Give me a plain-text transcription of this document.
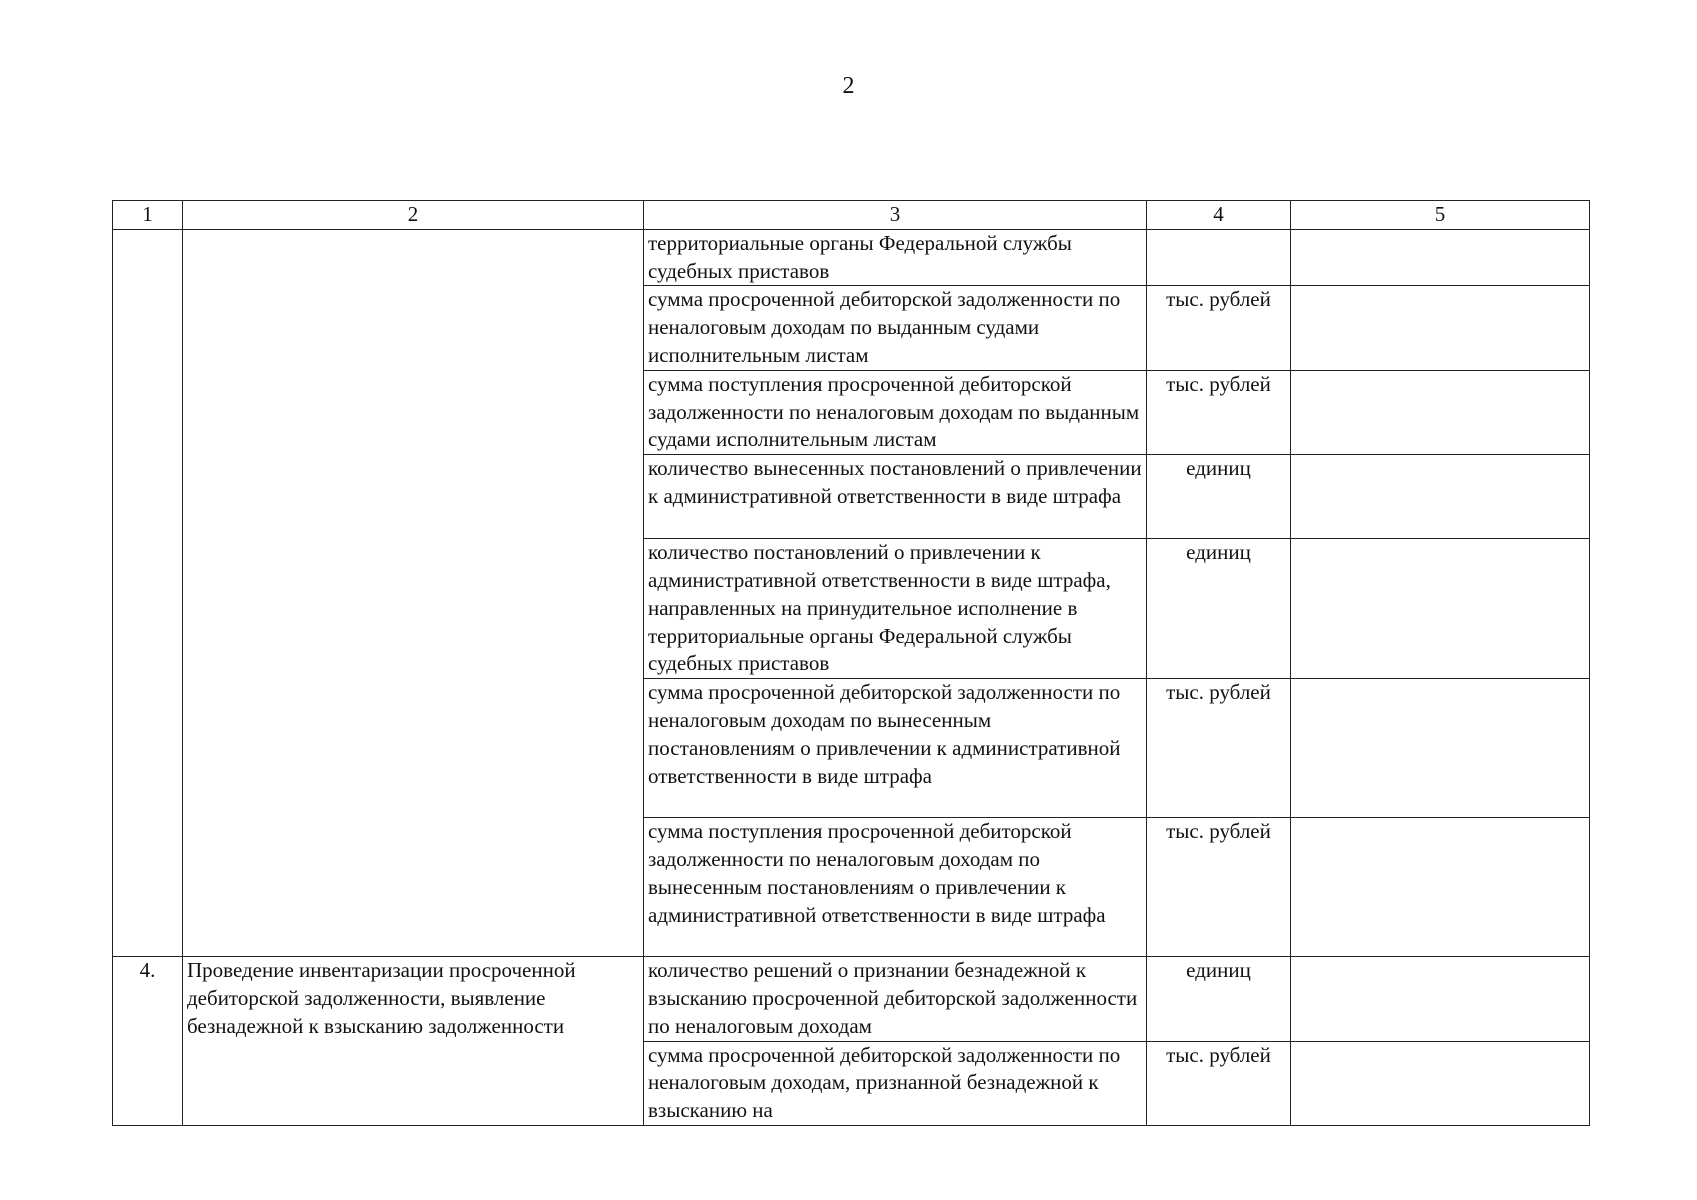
2
1	2	3	4	5
		территориальные органы Федеральной службы судебных приставов		
		сумма просроченной дебиторской задолженности по неналоговым доходам по выданным судами исполнительным листам	тыс. рублей	
		сумма поступления просроченной дебиторской задолженности по неналоговым доходам по выданным судами исполнительным листам	тыс. рублей	
		количество вынесенных постановлений о привлечении к административной ответственности в виде штрафа	единиц	
		количество постановлений о привлечении к административной ответственности в виде штрафа, направленных на принудительное исполнение в территориальные органы Федеральной службы судебных приставов	единиц	
		сумма просроченной дебиторской задолженности по неналоговым доходам по вынесенным постановлениям о привлечении к административной ответственности в виде штрафа	тыс. рублей	
		сумма поступления просроченной дебиторской задолженности по неналоговым доходам по вынесенным постановлениям о привлечении к административной ответственности в виде штрафа	тыс. рублей	
4.	Проведение инвентаризации просроченной дебиторской задолженности, выявление безнадежной к взысканию задолженности	количество решений о признании безнадежной к взысканию просроченной дебиторской задолженности по неналоговым доходам	единиц	
		сумма просроченной дебиторской задолженности по неналоговым доходам, признанной безнадежной к взысканию на	тыс. рублей	
